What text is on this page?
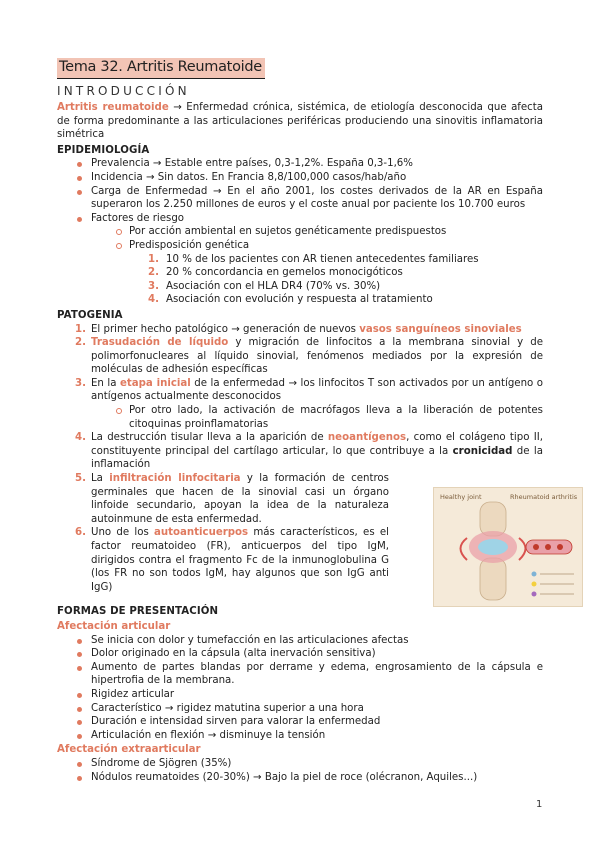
Tema 32. Artritis Reumatoide
INTRODUCCIÓN

Artritis reumatoide → Enfermedad crónica, sistémica, de etiología desconocida que afecta de forma predominante a las articulaciones periféricas produciendo una sinovitis inflamatoria simétrica

EPIDEMIOLOGÍA
Prevalencia → Estable entre países, 0,3-1,2%. España 0,3-1,6%
Incidencia → Sin datos. En Francia 8,8/100,000 casos/hab/año
Carga de Enfermedad → En el año 2001, los costes derivados de la AR en España superaron los 2.250 millones de euros y el coste anual por paciente los 10.700 euros
Factores de riesgo
Por acción ambiental en sujetos genéticamente predispuestos
Predisposición genética
1. 10 % de los pacientes con AR tienen antecedentes familiares
2. 20 % concordancia en gemelos monocigóticos
3. Asociación con el HLA DR4 (70% vs. 30%)
4. Asociación con evolución y respuesta al tratamiento
PATOGENIA
1. El primer hecho patológico → generación de nuevos vasos sanguíneos sinoviales
2. Trasudación de líquido y migración de linfocitos a la membrana sinovial y de polimorfonucleares al líquido sinovial, fenómenos mediados por la expresión de moléculas de adhesión específicas
3. En la etapa inicial de la enfermedad → los linfocitos T son activados por un antígeno o antígenos actualmente desconocidos
Por otro lado, la activación de macrófagos lleva a la liberación de potentes citoquinas proinflamatorias
4. La destrucción tisular lleva a la aparición de neoantígenos, como el colágeno tipo II, constituyente principal del cartílago articular, lo que contribuye a la cronicidad de la inflamación
5. La infiltración linfocitaria y la formación de centros germinales que hacen de la sinovial casi un órgano linfoide secundario, apoyan la idea de la naturaleza autoinmune de esta enfermedad.
6. Uno de los autoanticuerpos más característicos, es el factor reumatoideo (FR), anticuerpos del tipo IgM, dirigidos contra el fragmento Fc de la inmunoglobulina G (los FR no son todos IgM, hay algunos que son IgG anti IgG)
FORMAS DE PRESENTACIÓN
Afectación articular
Se inicia con dolor y tumefacción en las articulaciones afectas
Dolor originado en la cápsula (alta inervación sensitiva)
Aumento de partes blandas por derrame y edema, engrosamiento de la cápsula e hipertrofia de la membrana.
Rigidez articular
Característico → rigidez matutina superior a una hora
Duración e intensidad sirven para valorar la enfermedad
Articulación en flexión → disminuye la tensión
Afectación extraarticular
Síndrome de Sjögren (35%)
Nódulos reumatoides (20-30%) → Bajo la piel de roce (olécranon, Aquiles...)
Healthy joint	Rheumatoid arthritis
1
